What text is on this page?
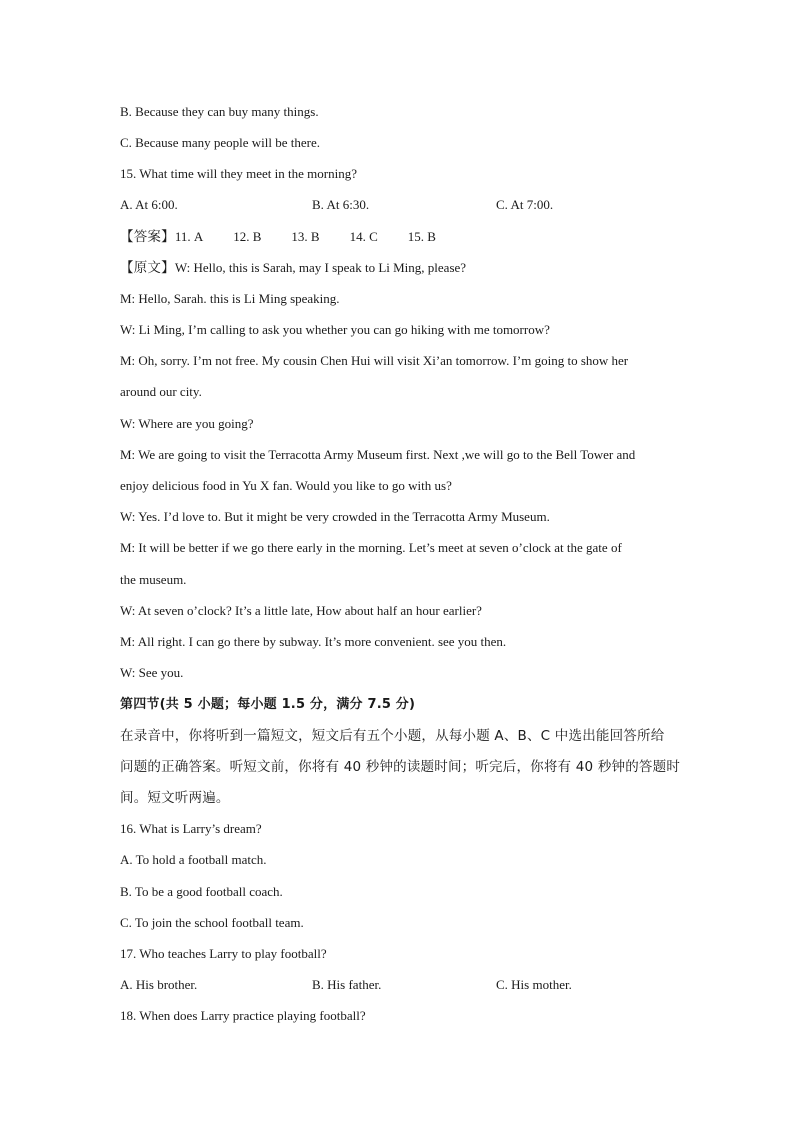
B. Because they can buy many things.
C. Because many people will be there.
15. What time will they meet in the morning?
A. At 6:00.	B. At 6:30.	C. At 7:00.
【答案】11. A 12. B 13. B 14. C 15. B
【原文】W: Hello, this is Sarah, may I speak to Li Ming, please?
M: Hello, Sarah. this is Li Ming speaking.
W: Li Ming, I’m calling to ask you whether you can go hiking with me tomorrow?
M: Oh, sorry. I’m not free. My cousin Chen Hui will visit Xi’an tomorrow. I’m going to show her
around our city.
W: Where are you going?
M: We are going to visit the Terracotta Army Museum first. Next ,we will go to the Bell Tower and
enjoy delicious food in Yu X fan. Would you like to go with us?
W: Yes. I’d love to. But it might be very crowded in the Terracotta Army Museum.
M: It will be better if we go there early in the morning. Let’s meet at seven o’clock at the gate of
the museum.
W: At seven o’clock? It’s a little late, How about half an hour earlier?
M: All right. I can go there by subway. It’s more convenient. see you then.
W: See you.
第四节(共 5 小题；每小题 1.5 分，满分 7.5 分)
在录音中，你将听到一篇短文，短文后有五个小题，从每小题 A、B、C 中选出能回答所给
问题的正确答案。听短文前，你将有 40 秒钟的读题时间；听完后，你将有 40 秒钟的答题时
间。短文听两遍。
16. What is Larry’s dream?
A. To hold a football match.
B. To be a good football coach.
C. To join the school football team.
17. Who teaches Larry to play football?
A. His brother.	B. His father.	C. His mother.
18. When does Larry practice playing football?
